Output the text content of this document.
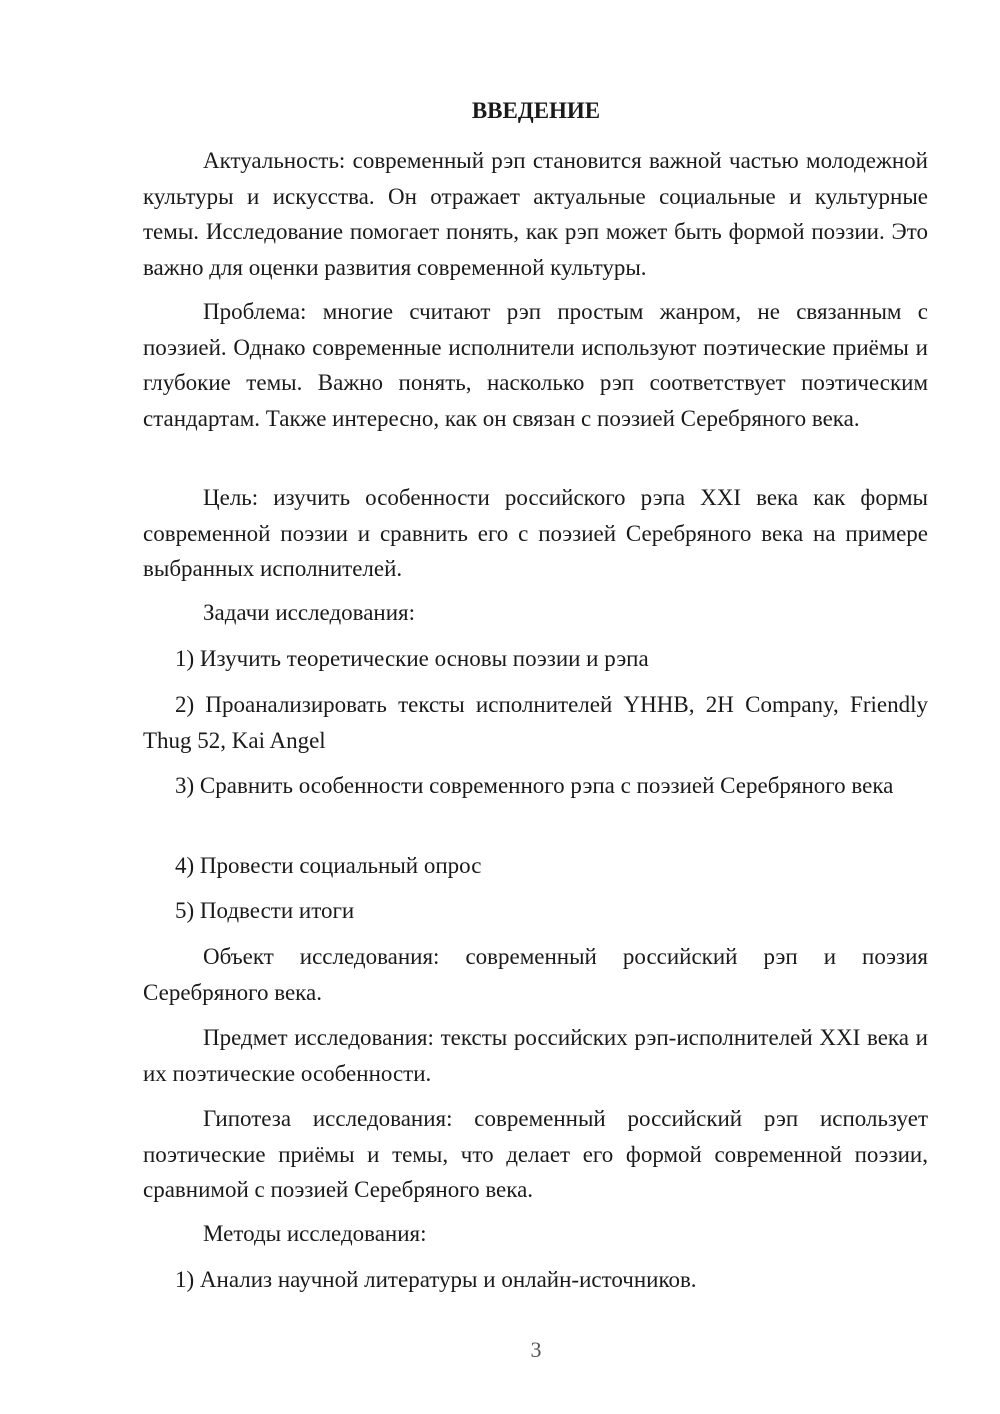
ВВЕДЕНИЕ

Актуальность: современный рэп становится важной частью молодежной культуры и искусства. Он отражает актуальные социальные и культурные темы. Исследование помогает понять, как рэп может быть формой поэзии. Это важно для оценки развития современной культуры.

Проблема: многие считают рэп простым жанром, не связанным с поэзией. Однако современные исполнители используют поэтические приёмы и глубокие темы. Важно понять, насколько рэп соответствует поэтическим стандартам. Также интересно, как он связан с поэзией Серебряного века.

Цель: изучить особенности российского рэпа XXI века как формы современной поэзии и сравнить его с поэзией Серебряного века на примере выбранных исполнителей.

Задачи исследования:

1) Изучить теоретические основы поэзии и рэпа

2) Проанализировать тексты исполнителей YHHB, 2H Company, Friendly Thug 52, Kai Angel

3) Сравнить особенности современного рэпа с поэзией Серебряного века

4) Провести социальный опрос

5) Подвести итоги

Объект исследования: современный российский рэп и поэзия Серебряного века.

Предмет исследования: тексты российских рэп-исполнителей XXI века и их поэтические особенности.

Гипотеза исследования: современный российский рэп использует поэтические приёмы и темы, что делает его формой современной поэзии, сравнимой с поэзией Серебряного века.

Методы исследования:

1) Анализ научной литературы и онлайн-источников.

3
